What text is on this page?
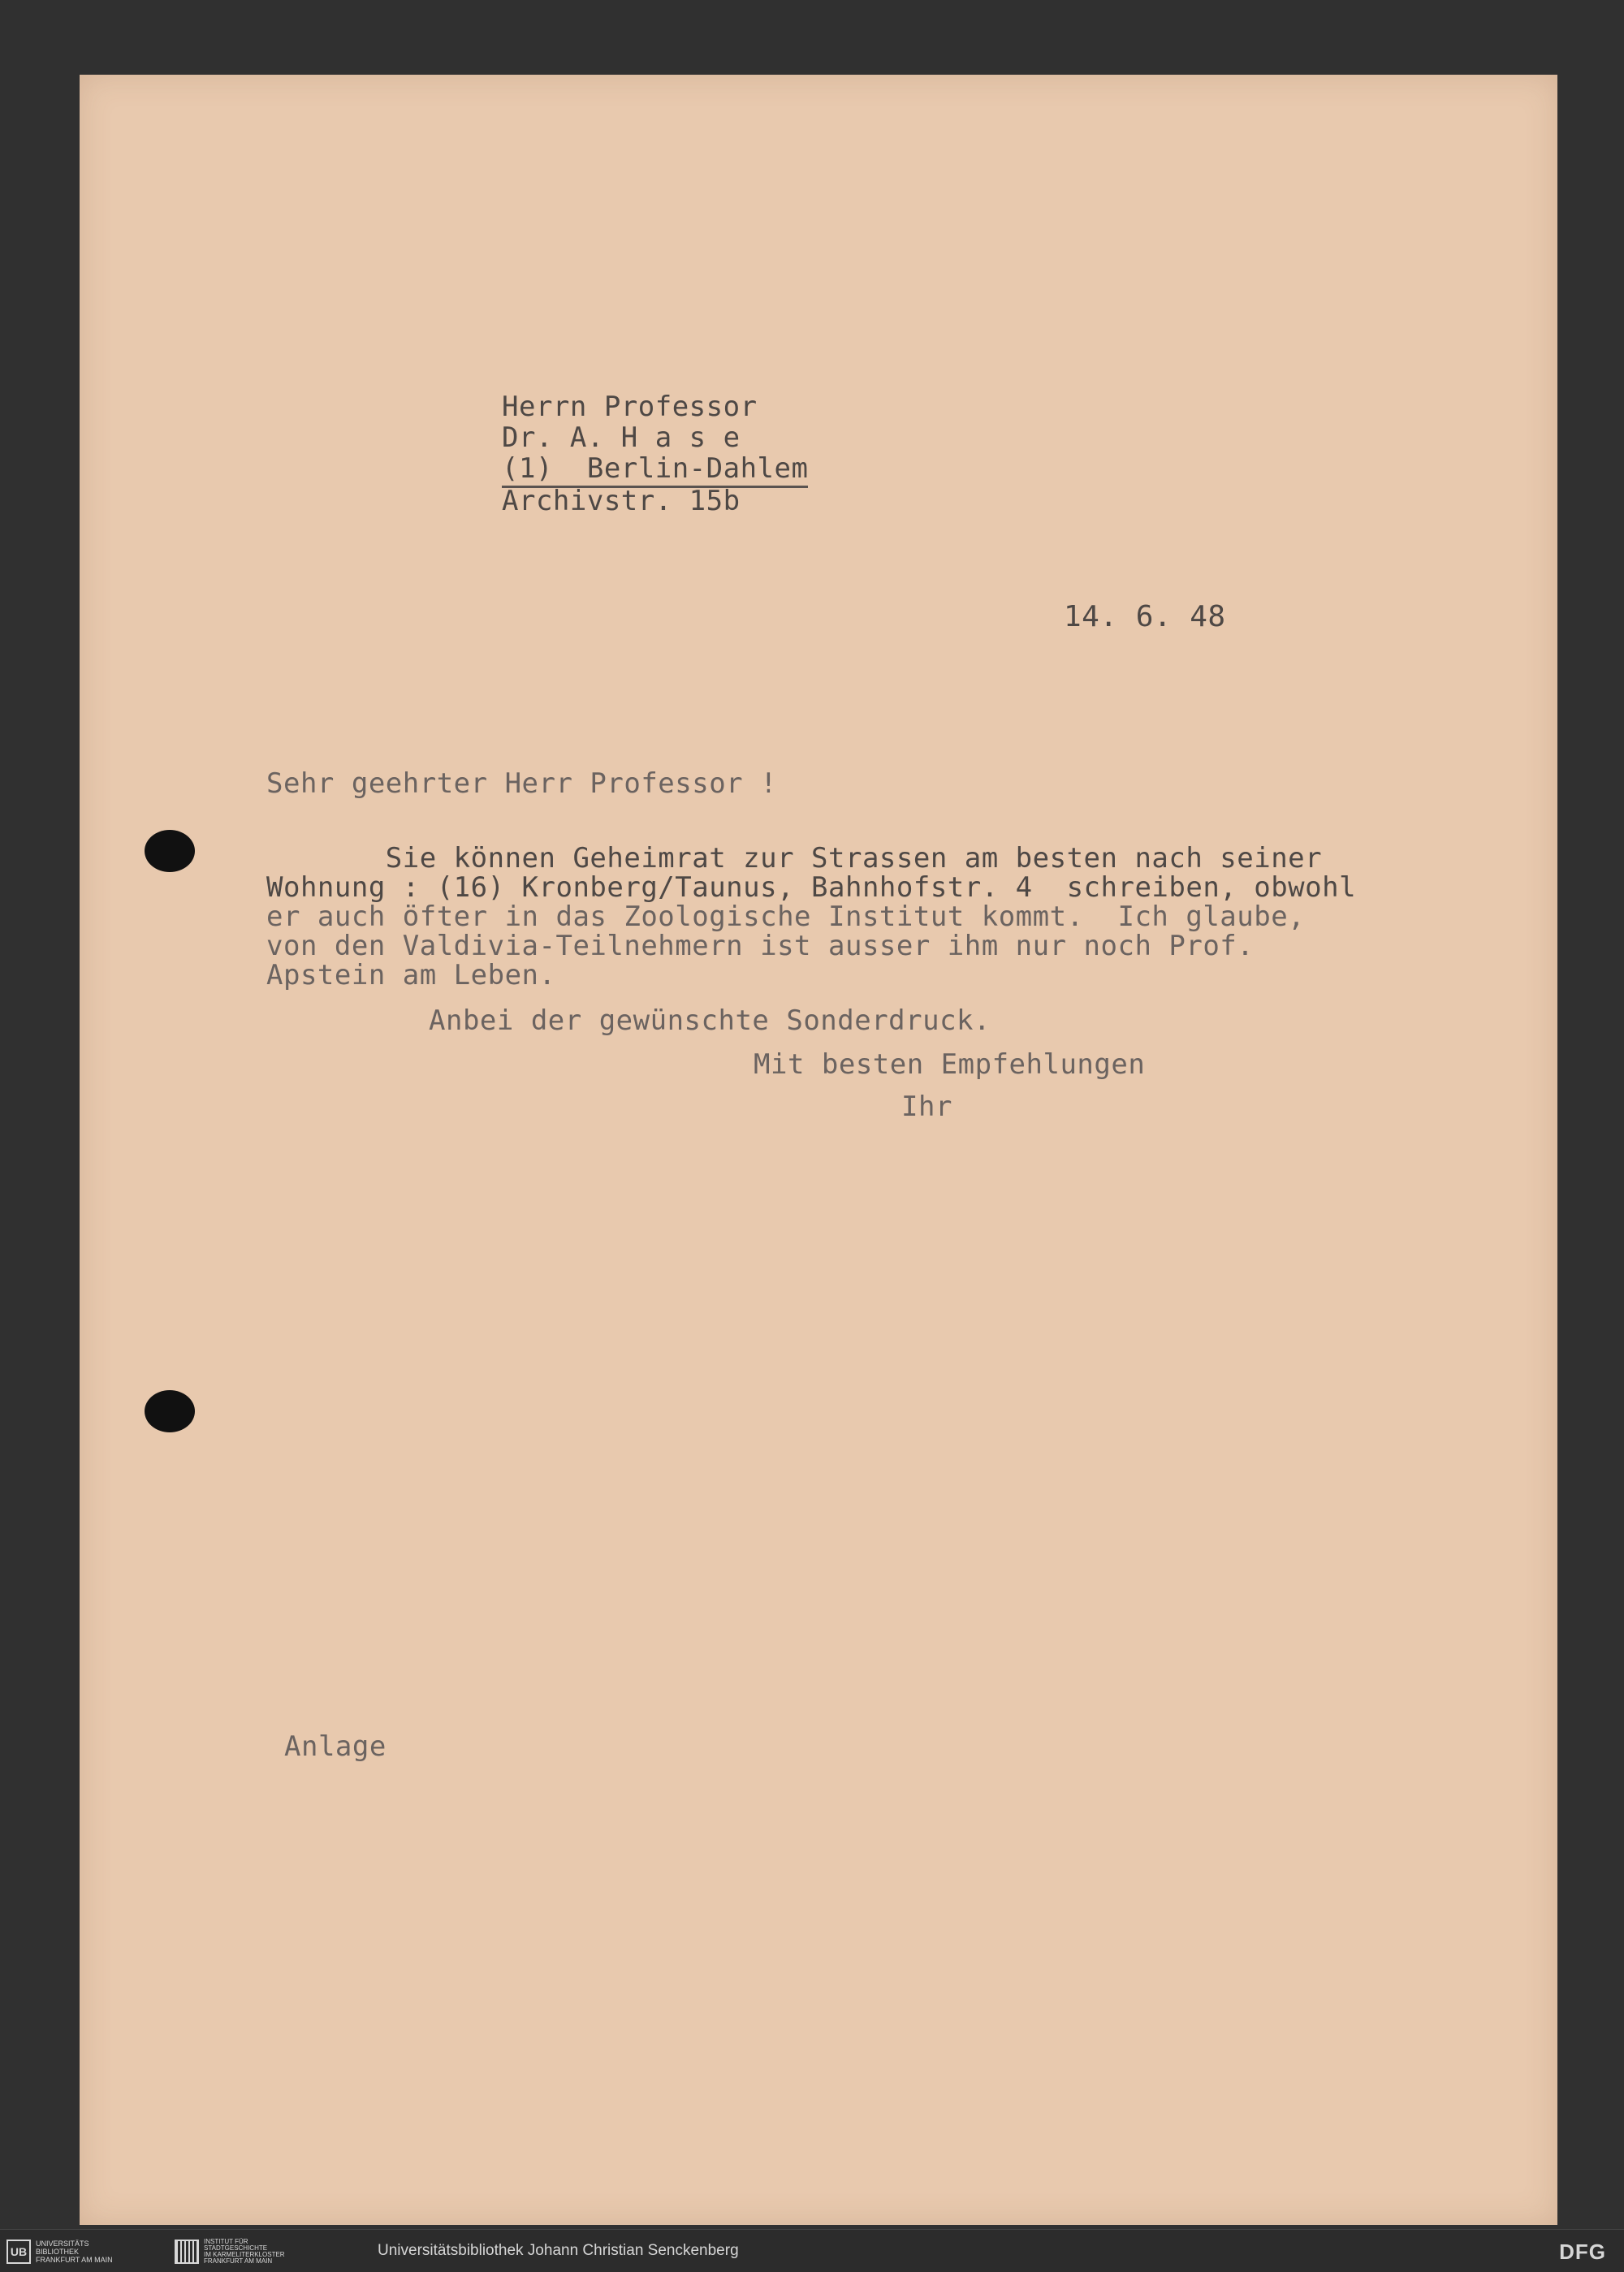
Herrn Professor
Dr. A. H a s e
(1)  Berlin-Dahlem
Archivstr. 15b
14. 6. 48
Sehr geehrter Herr Professor !
Sie können Geheimrat zur Strassen am besten nach seiner
Wohnung : (16) Kronberg/Taunus, Bahnhofstr. 4  schreiben, obwohl
er auch öfter in das Zoologische Institut kommt.  Ich glaube,
von den Valdivia-Teilnehmern ist ausser ihm nur noch Prof.
Apstein am Leben.
Anbei der gewünschte Sonderdruck.
Mit besten Empfehlungen
Ihr
Anlage
UB
UNIVERSITÄTS
BIBLIOTHEK
FRANKFURT AM MAIN
INSTITUT FÜR
STADTGESCHICHTE
IM KARMELITERKLOSTER
FRANKFURT AM MAIN
Universitätsbibliothek Johann Christian Senckenberg	DFG
